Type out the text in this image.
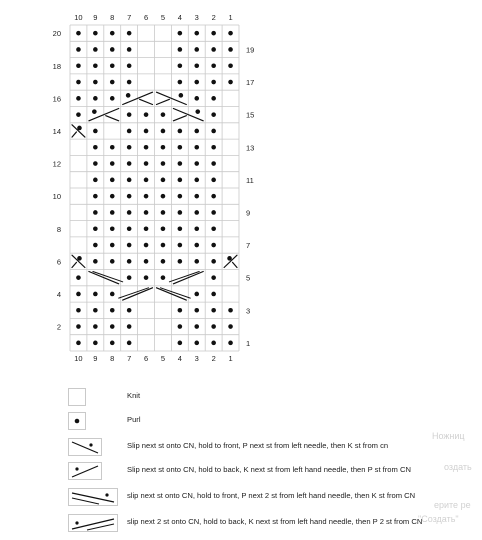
10
10
9
9
8
8
7
7
6
6
5
5
4
4
3
3
2
2
1
1
20
18
16
14
12
10
8
6
4
2
19
17
15
13
11
9
7
5
3
1
Knit
Purl
Slip next st onto CN, hold to front, P next st from left needle, then K st from cn
Slip next st onto CN, hold to back, K next st from left hand needle, then P st from CN
slip next st onto CN, hold to front, P next 2 st from left hand needle, then K st from CN
slip next 2 st onto CN, hold to back, K next st from left hand needle, then P 2 st from CN
Ножниц
оздать
ерите ре
"Создать"
